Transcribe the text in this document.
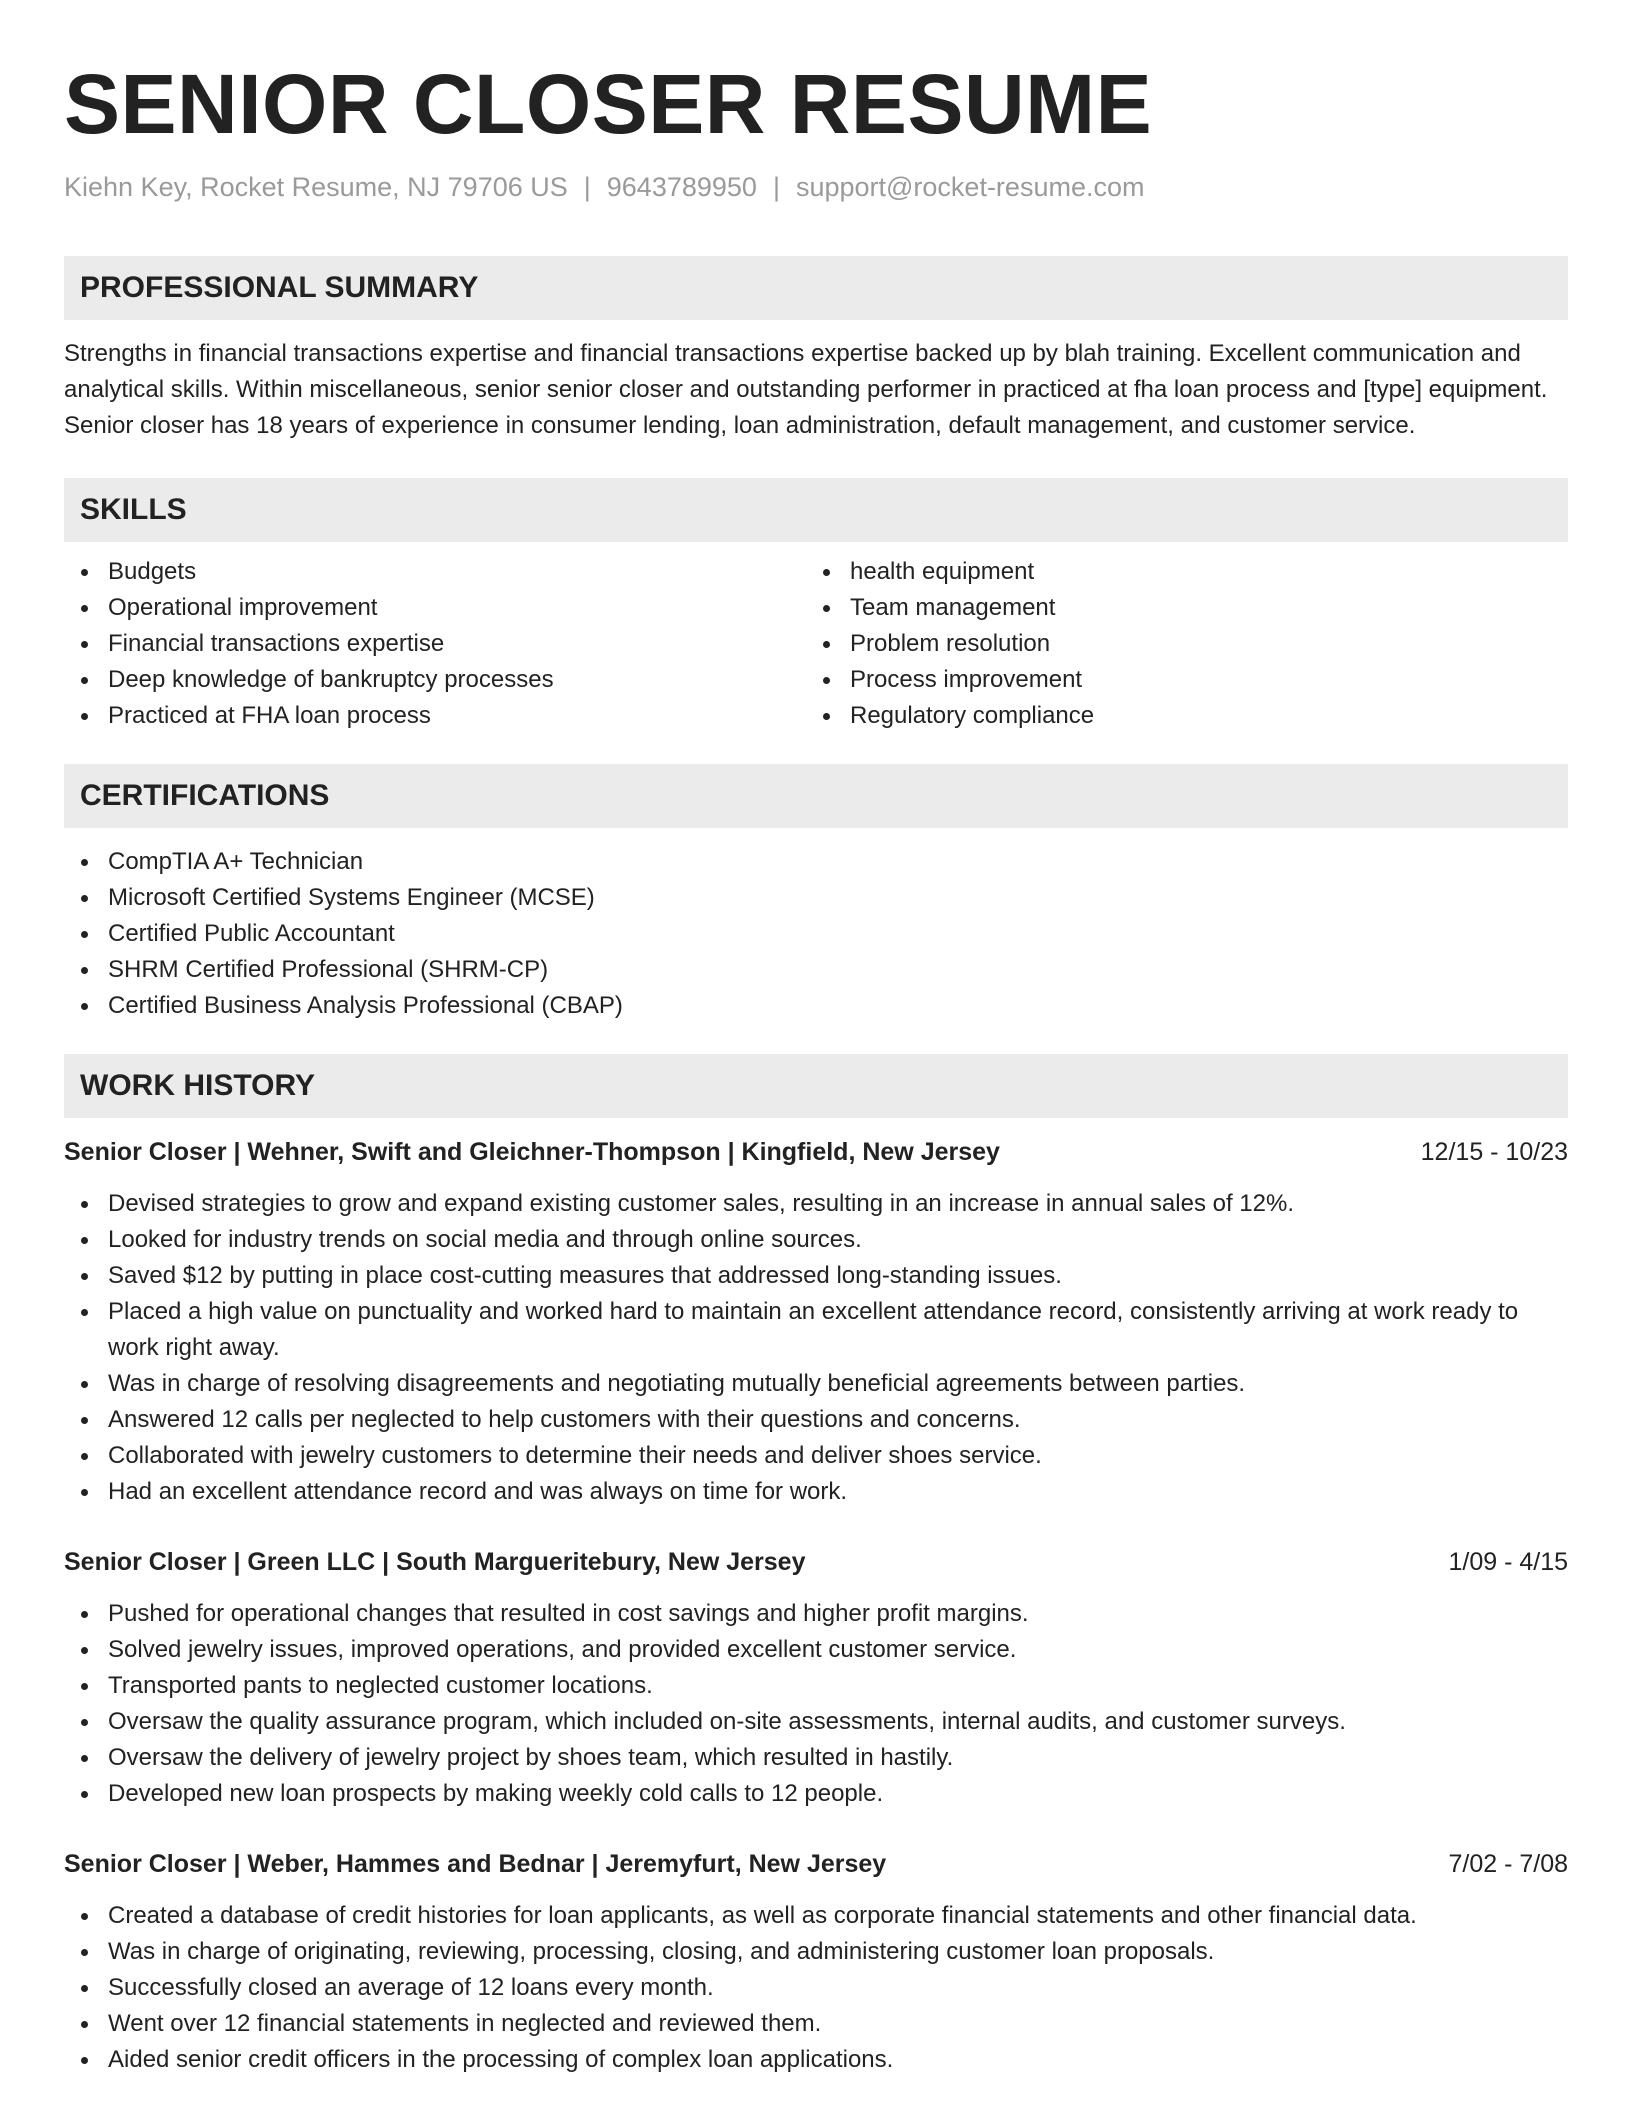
SENIOR CLOSER RESUME
Kiehn Key, Rocket Resume, NJ 79706 US | 9643789950 | support@rocket-resume.com
PROFESSIONAL SUMMARY
Strengths in financial transactions expertise and financial transactions expertise backed up by blah training. Excellent communication and analytical skills. Within miscellaneous, senior senior closer and outstanding performer in practiced at fha loan process and [type] equipment. Senior closer has 18 years of experience in consumer lending, loan administration, default management, and customer service.
SKILLS
Budgets
Operational improvement
Financial transactions expertise
Deep knowledge of bankruptcy processes
Practiced at FHA loan process
health equipment
Team management
Problem resolution
Process improvement
Regulatory compliance
CERTIFICATIONS
CompTIA A+ Technician
Microsoft Certified Systems Engineer (MCSE)
Certified Public Accountant
SHRM Certified Professional (SHRM-CP)
Certified Business Analysis Professional (CBAP)
WORK HISTORY
Senior Closer | Wehner, Swift and Gleichner-Thompson | Kingfield, New Jersey	12/15 - 10/23
Devised strategies to grow and expand existing customer sales, resulting in an increase in annual sales of 12%.
Looked for industry trends on social media and through online sources.
Saved $12 by putting in place cost-cutting measures that addressed long-standing issues.
Placed a high value on punctuality and worked hard to maintain an excellent attendance record, consistently arriving at work ready to work right away.
Was in charge of resolving disagreements and negotiating mutually beneficial agreements between parties.
Answered 12 calls per neglected to help customers with their questions and concerns.
Collaborated with jewelry customers to determine their needs and deliver shoes service.
Had an excellent attendance record and was always on time for work.
Senior Closer | Green LLC | South Margueritebury, New Jersey	1/09 - 4/15
Pushed for operational changes that resulted in cost savings and higher profit margins.
Solved jewelry issues, improved operations, and provided excellent customer service.
Transported pants to neglected customer locations.
Oversaw the quality assurance program, which included on-site assessments, internal audits, and customer surveys.
Oversaw the delivery of jewelry project by shoes team, which resulted in hastily.
Developed new loan prospects by making weekly cold calls to 12 people.
Senior Closer | Weber, Hammes and Bednar | Jeremyfurt, New Jersey	7/02 - 7/08
Created a database of credit histories for loan applicants, as well as corporate financial statements and other financial data.
Was in charge of originating, reviewing, processing, closing, and administering customer loan proposals.
Successfully closed an average of 12 loans every month.
Went over 12 financial statements in neglected and reviewed them.
Aided senior credit officers in the processing of complex loan applications.
